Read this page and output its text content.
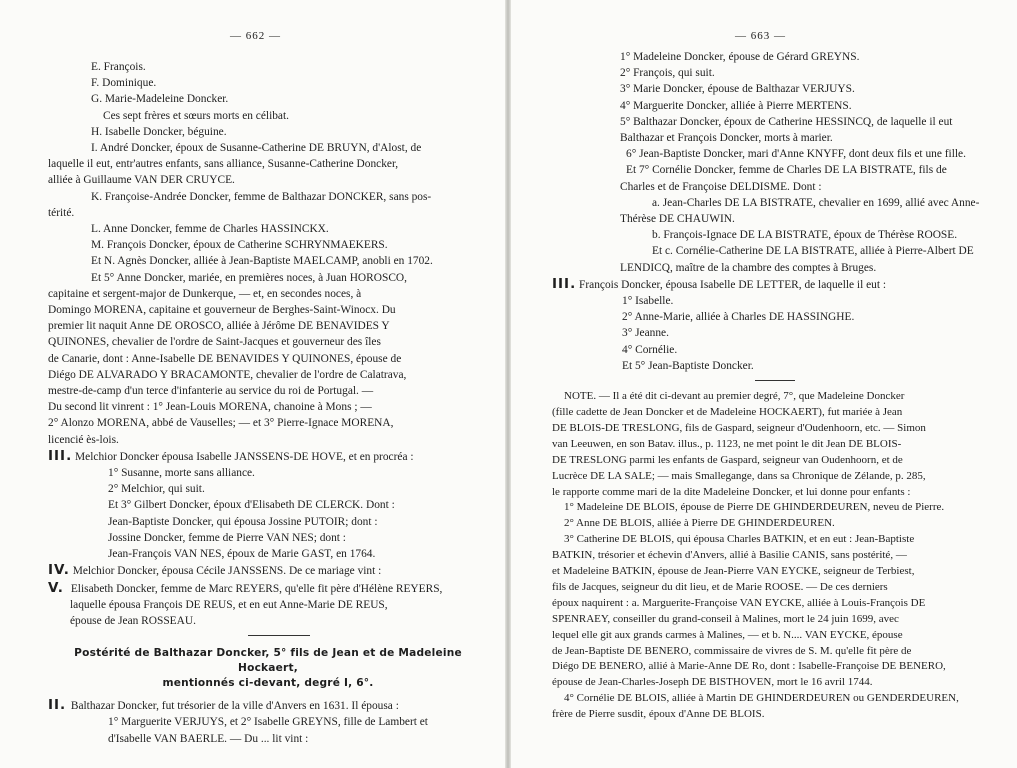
— 662 —
E. François.
F. Dominique.
G. Marie-Madeleine Doncker.
Ces sept frères et sœurs morts en célibat.
H. Isabelle Doncker, béguine.
I. André Doncker, époux de Susanne-Catherine DE BRUYN, d'Alost, de
laquelle il eut, entr'autres enfants, sans alliance, Susanne-Catherine Doncker,
alliée à Guillaume VAN DER CRUYCE.
K. Françoise-Andrée Doncker, femme de Balthazar DONCKER, sans pos-
térité.
L. Anne Doncker, femme de Charles HASSINCKX.
M. François Doncker, époux de Catherine SCHRYNMAEKERS.
Et N. Agnès Doncker, alliée à Jean-Baptiste MAELCAMP, anobli en 1702.
Et 5° Anne Doncker, mariée, en premières noces, à Juan HOROSCO,
capitaine et sergent-major de Dunkerque, — et, en secondes noces, à
Domingo MORENA, capitaine et gouverneur de Berghes-Saint-Winocx. Du
premier lit naquit Anne DE OROSCO, alliée à Jérôme DE BENAVIDES Y
QUINONES, chevalier de l'ordre de Saint-Jacques et gouverneur des îles
de Canarie, dont : Anne-Isabelle DE BENAVIDES Y QUINONES, épouse de
Diégo DE ALVARADO Y BRACAMONTE, chevalier de l'ordre de Calatrava,
mestre-de-camp d'un terce d'infanterie au service du roi de Portugal. —
Du second lit vinrent : 1° Jean-Louis MORENA, chanoine à Mons ; —
2° Alonzo MORENA, abbé de Vauselles; — et 3° Pierre-Ignace MORENA,
licencié ès-lois.
III. Melchior Doncker épousa Isabelle JANSSENS-DE HOVE, et en procréa :
1° Susanne, morte sans alliance.
2° Melchior, qui suit.
Et 3° Gilbert Doncker, époux d'Elisabeth DE CLERCK. Dont :
Jean-Baptiste Doncker, qui épousa Jossine PUTOIR; dont :
Jossine Doncker, femme de Pierre VAN NES; dont :
Jean-François VAN NES, époux de Marie GAST, en 1764.
IV. Melchior Doncker, épousa Cécile JANSSENS. De ce mariage vint :
V. Elisabeth Doncker, femme de Marc REYERS, qu'elle fit père d'Hélène REYERS,
laquelle épousa François DE REUS, et en eut Anne-Marie DE REUS,
épouse de Jean ROSSEAU.
Postérité de Balthazar Doncker, 5° fils de Jean et de Madeleine Hockaert,
mentionnés ci-devant, degré I, 6°.
II. Balthazar Doncker, fut trésorier de la ville d'Anvers en 1631. Il épousa :
1° Marguerite VERJUYS, et 2° Isabelle GREYNS, fille de Lambert et
d'Isabelle VAN BAERLE. — Du ... lit vint :
— 663 —
1° Madeleine Doncker, épouse de Gérard GREYNS.
2° François, qui suit.
3° Marie Doncker, épouse de Balthazar VERJUYS.
4° Marguerite Doncker, alliée à Pierre MERTENS.
5° Balthazar Doncker, époux de Catherine HESSINCQ, de laquelle il eut
Balthazar et François Doncker, morts à marier.
6° Jean-Baptiste Doncker, mari d'Anne KNYFF, dont deux fils et une fille.
Et 7° Cornélie Doncker, femme de Charles DE LA BISTRATE, fils de
Charles et de Françoise DELDISME. Dont :
a. Jean-Charles DE LA BISTRATE, chevalier en 1699, allié avec Anne-
Thérèse DE CHAUWIN.
b. François-Ignace DE LA BISTRATE, époux de Thérèse ROOSE.
Et c. Cornélie-Catherine DE LA BISTRATE, alliée à Pierre-Albert DE
LENDICQ, maître de la chambre des comptes à Bruges.
III. François Doncker, épousa Isabelle DE LETTER, de laquelle il eut :
1° Isabelle.
2° Anne-Marie, alliée à Charles DE HASSINGHE.
3° Jeanne.
4° Cornélie.
Et 5° Jean-Baptiste Doncker.
NOTE. — Il a été dit ci-devant au premier degré, 7°, que Madeleine Doncker
(fille cadette de Jean Doncker et de Madeleine HOCKAERT), fut mariée à Jean
DE BLOIS-DE TRESLONG, fils de Gaspard, seigneur d'Oudenhoorn, etc. — Simon
van Leeuwen, en son Batav. illus., p. 1123, ne met point le dit Jean DE BLOIS-
DE TRESLONG parmi les enfants de Gaspard, seigneur van Oudenhoorn, et de
Lucrèce DE LA SALE; — mais Smallegange, dans sa Chronique de Zélande, p. 285,
le rapporte comme mari de la dite Madeleine Doncker, et lui donne pour enfants :
1° Madeleine DE BLOIS, épouse de Pierre DE GHINDERDEUREN, neveu de Pierre.
2° Anne DE BLOIS, alliée à Pierre DE GHINDERDEUREN.
3° Catherine DE BLOIS, qui épousa Charles BATKIN, et en eut : Jean-Baptiste
BATKIN, trésorier et échevin d'Anvers, allié à Basilie CANIS, sans postérité, —
et Madeleine BATKIN, épouse de Jean-Pierre VAN EYCKE, seigneur de Terbiest,
fils de Jacques, seigneur du dit lieu, et de Marie ROOSE. — De ces derniers
époux naquirent : a. Marguerite-Françoise VAN EYCKE, alliée à Louis-François DE
SPENRAEY, conseiller du grand-conseil à Malines, mort le 24 juin 1699, avec
lequel elle git aux grands carmes à Malines, — et b. N.... VAN EYCKE, épouse
de Jean-Baptiste DE BENERO, commissaire de vivres de S. M. qu'elle fit père de
Diégo DE BENERO, allié à Marie-Anne DE Ro, dont : Isabelle-Françoise DE BENERO,
épouse de Jean-Charles-Joseph DE BISTHOVEN, mort le 16 avril 1744.
4° Cornélie DE BLOIS, alliée à Martin DE GHINDERDEUREN ou GENDERDEUREN,
frère de Pierre susdit, époux d'Anne DE BLOIS.
